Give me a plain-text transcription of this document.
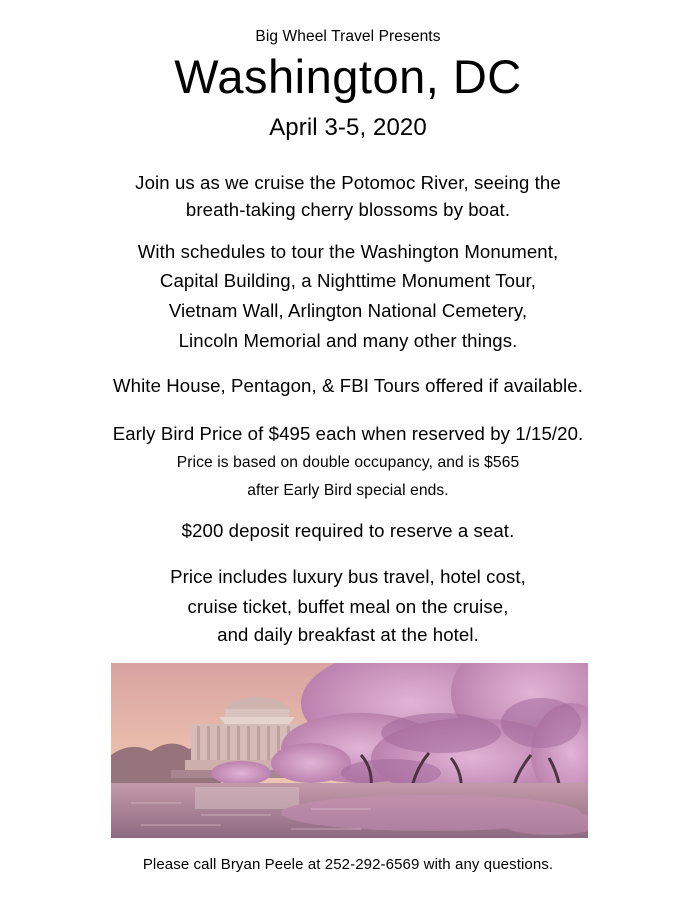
Big Wheel Travel Presents
Washington, DC
April 3-5, 2020
Join us as we cruise the Potomoc River, seeing the
breath-taking cherry blossoms by boat.
With schedules to tour the Washington Monument,
Capital Building, a Nighttime Monument Tour,
Vietnam Wall, Arlington National Cemetery,
Lincoln Memorial and many other things.
White House, Pentagon, & FBI Tours offered if available.
Early Bird Price of $495 each when reserved by 1/15/20.
Price is based on double occupancy, and is $565
after Early Bird special ends.
$200 deposit required to reserve a seat.
Price includes luxury bus travel, hotel cost,
cruise ticket, buffet meal on the cruise,
and daily breakfast at the hotel.
Please call Bryan Peele at 252-292-6569 with any questions.
